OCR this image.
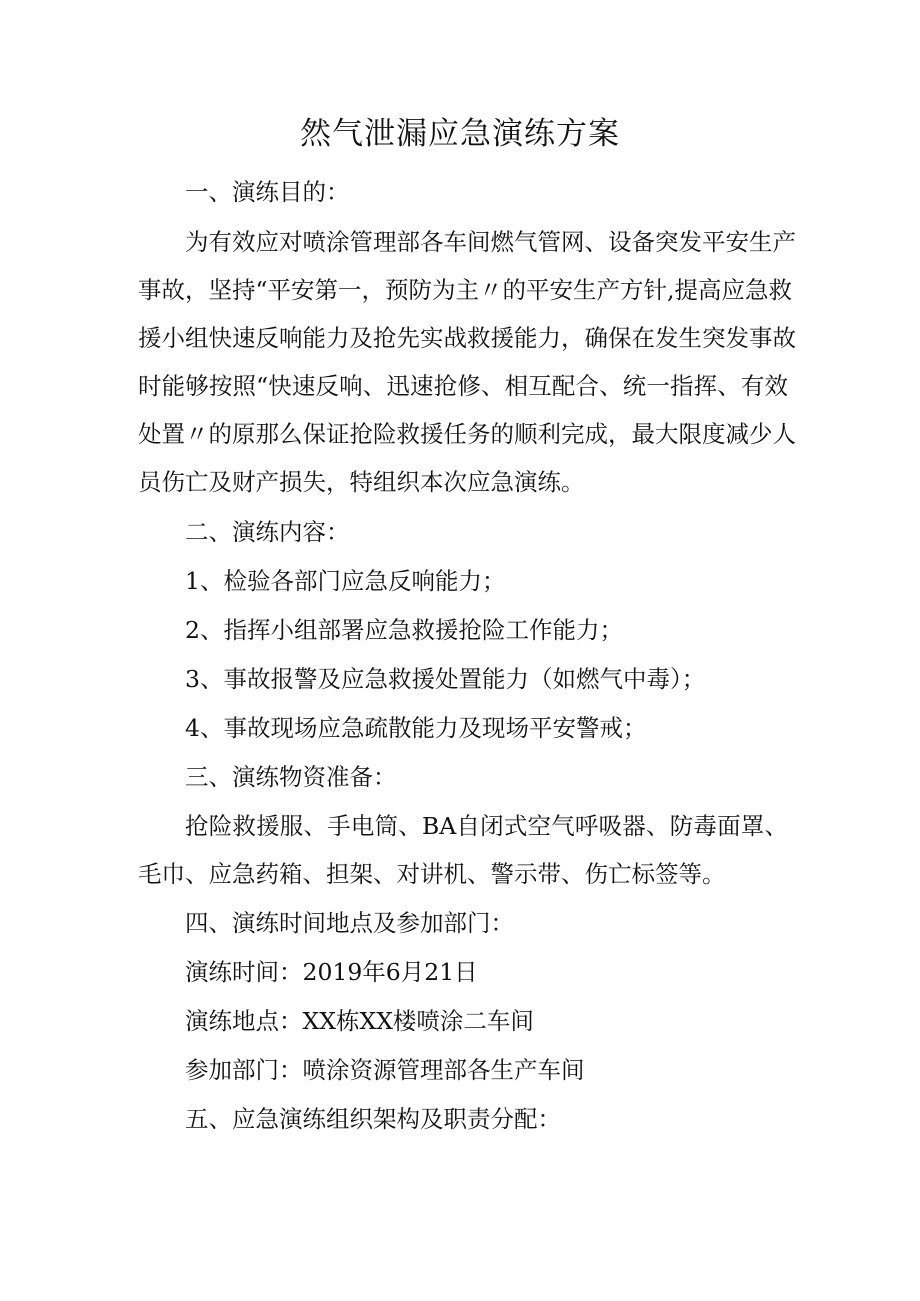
然气泄漏应急演练方案
一、演练目的：
为有效应对喷涂管理部各车间燃气管网、设备突发平安生产
事故，坚持“平安第一，预防为主〃的平安生产方针,提高应急救
援小组快速反响能力及抢先实战救援能力，确保在发生突发事故
时能够按照“快速反响、迅速抢修、相互配合、统一指挥、有效
处置〃的原那么保证抢险救援任务的顺利完成，最大限度减少人
员伤亡及财产损失，特组织本次应急演练。
二、演练内容：
1、检验各部门应急反响能力；
2、指挥小组部署应急救援抢险工作能力；
3、事故报警及应急救援处置能力（如燃气中毒）；
4、事故现场应急疏散能力及现场平安警戒；
三、演练物资准备：
抢险救援服、手电筒、BA自闭式空气呼吸器、防毒面罩、
毛巾、应急药箱、担架、对讲机、警示带、伤亡标签等。
四、演练时间地点及参加部门：
演练时间：2019年6月21日
演练地点：XX栋XX楼喷涂二车间
参加部门：喷涂资源管理部各生产车间
五、应急演练组织架构及职责分配：
